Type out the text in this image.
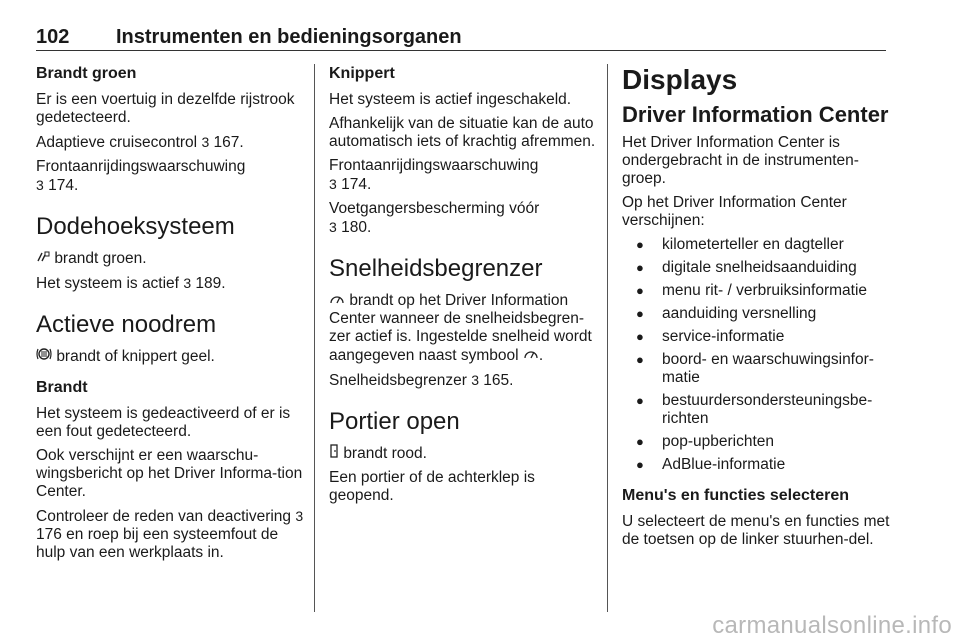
102 Instrumenten en bedieningsorganen
Brandt groen

Er is een voertuig in dezelfde rijstrook gedetecteerd.

Adaptieve cruisecontrol 3 167.

Frontaanrijdingswaarschuwing
3 174.

Dodehoeksysteem

brandt groen.

Het systeem is actief 3 189.

Actieve noodrem

brandt of knippert geel.

Brandt

Het systeem is gedeactiveerd of er is een fout gedetecteerd.

Ook verschijnt er een waarschu-wingsbericht op het Driver Informa-tion Center.

Controleer de reden van deactivering 3 176 en roep bij een systeemfout de hulp van een werkplaats in.

Knippert

Het systeem is actief ingeschakeld.

Afhankelijk van de situatie kan de auto automatisch iets of krachtig afremmen.

Frontaanrijdingswaarschuwing
3 174.

Voetgangersbescherming vóór
3 180.

Snelheidsbegrenzer

brandt op het Driver Information Center wanneer de snelheidsbegren-zer actief is. Ingestelde snelheid wordt aangegeven naast symbool .

Snelheidsbegrenzer 3 165.

Portier open

brandt rood.

Een portier of de achterklep is geopend.

Displays
Driver Information Center

Het Driver Information Center is ondergebracht in de instrumenten-groep.

Op het Driver Information Center verschijnen:

● kilometerteller en dagteller
● digitale snelheidsaanduiding
● menu rit- / verbruiksinformatie
● aanduiding versnelling
● service-informatie
● boord- en waarschuwingsinfor-matie
● bestuurdersondersteuningsbe-richten
● pop-upberichten
● AdBlue-informatie
Menu's en functies selecteren

U selecteert de menu's en functies met de toetsen op de linker stuurhen-del.

carmanualsonline.info
